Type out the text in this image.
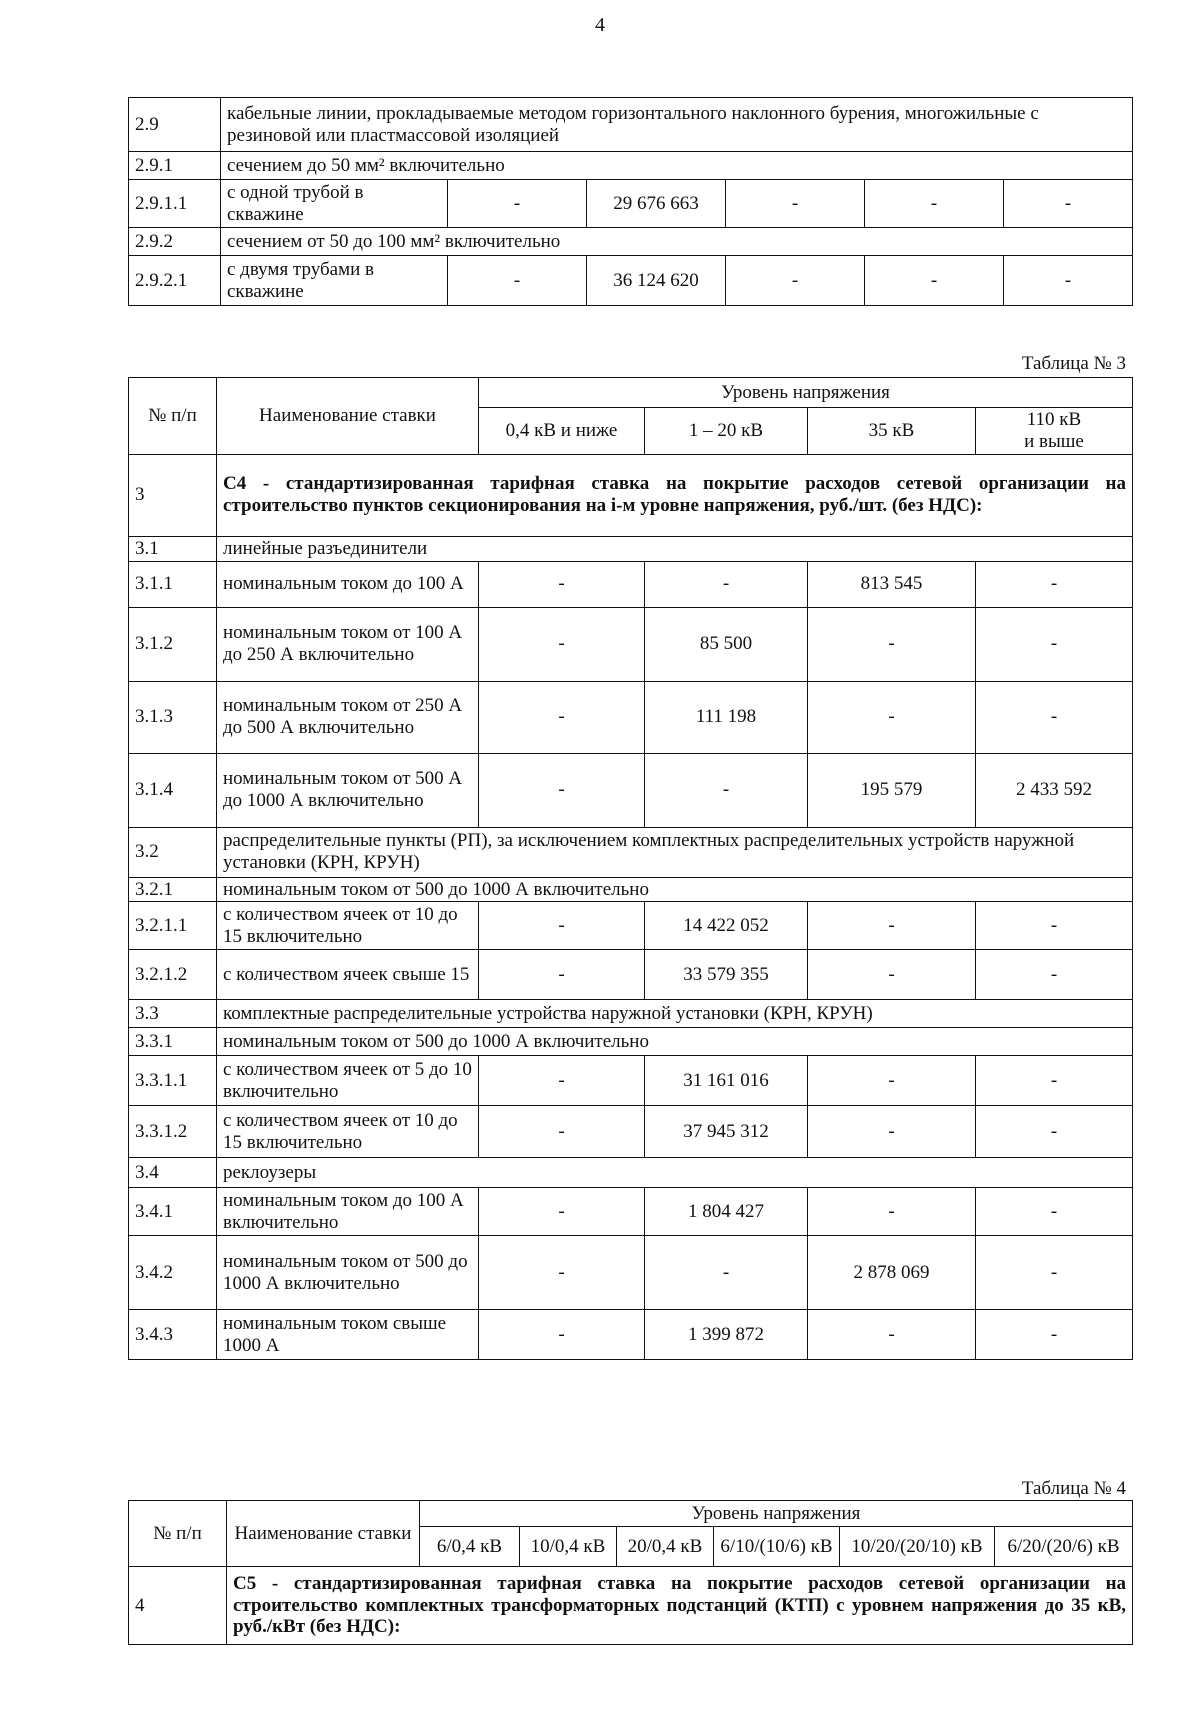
4
2.9	кабельные линии, прокладываемые методом горизонтального наклонного бурения, многожильные с резиновой или пластмассовой изоляцией					
2.9.1	сечением до 50 мм² включительно					
2.9.1.1	с одной трубой в скважине	-	29 676 663	-	-	-
2.9.2	сечением от 50 до 100 мм² включительно					
2.9.2.1	с двумя трубами в скважине	-	36 124 620	-	-	-
Таблица № 3
№ п/п	Наименование ставки	Уровень напряжения			
		0,4 кВ и ниже	1 – 20 кВ	35 кВ	110 кВ
и выше
3	С4 - стандартизированная тарифная ставка на покрытие расходов сетевой организации на строительство пунктов секционирования на i-м уровне напряжения, руб./шт. (без НДС):				
3.1	линейные разъединители				
3.1.1	номинальным током до 100 А	-	-	813 545	-
3.1.2	номинальным током от 100 А до 250 А включительно	-	85 500	-	-
3.1.3	номинальным током от 250 А до 500 А включительно	-	111 198	-	-
3.1.4	номинальным током от 500 А до 1000 А включительно	-	-	195 579	2 433 592
3.2	распределительные пункты (РП), за исключением комплектных распределительных устройств наружной установки (КРН, КРУН)				
3.2.1	номинальным током от 500 до 1000 А включительно				
3.2.1.1	с количеством ячеек от 10 до 15 включительно	-	14 422 052	-	-
3.2.1.2	с количеством ячеек свыше 15	-	33 579 355	-	-
3.3	комплектные распределительные устройства наружной установки (КРН, КРУН)				
3.3.1	номинальным током от 500 до 1000 А включительно				
3.3.1.1	с количеством ячеек от 5 до 10 включительно	-	31 161 016	-	-
3.3.1.2	с количеством ячеек от 10 до 15 включительно	-	37 945 312	-	-
3.4	реклоузеры				
3.4.1	номинальным током до 100 А включительно	-	1 804 427	-	-
3.4.2	номинальным током от 500 до 1000 А включительно	-	-	2 878 069	-
3.4.3	номинальным током свыше 1000 А	-	1 399 872	-	-
Таблица № 4
№ п/п	Наименование ставки	Уровень напряжения					
		6/0,4 кВ	10/0,4 кВ	20/0,4 кВ	6/10/(10/6) кВ	10/20/(20/10) кВ	6/20/(20/6) кВ
4	С5 - стандартизированная тарифная ставка на покрытие расходов сетевой организации на строительство комплектных трансформаторных подстанций (КТП) с уровнем напряжения до 35 кВ, руб./кВт (без НДС):						
